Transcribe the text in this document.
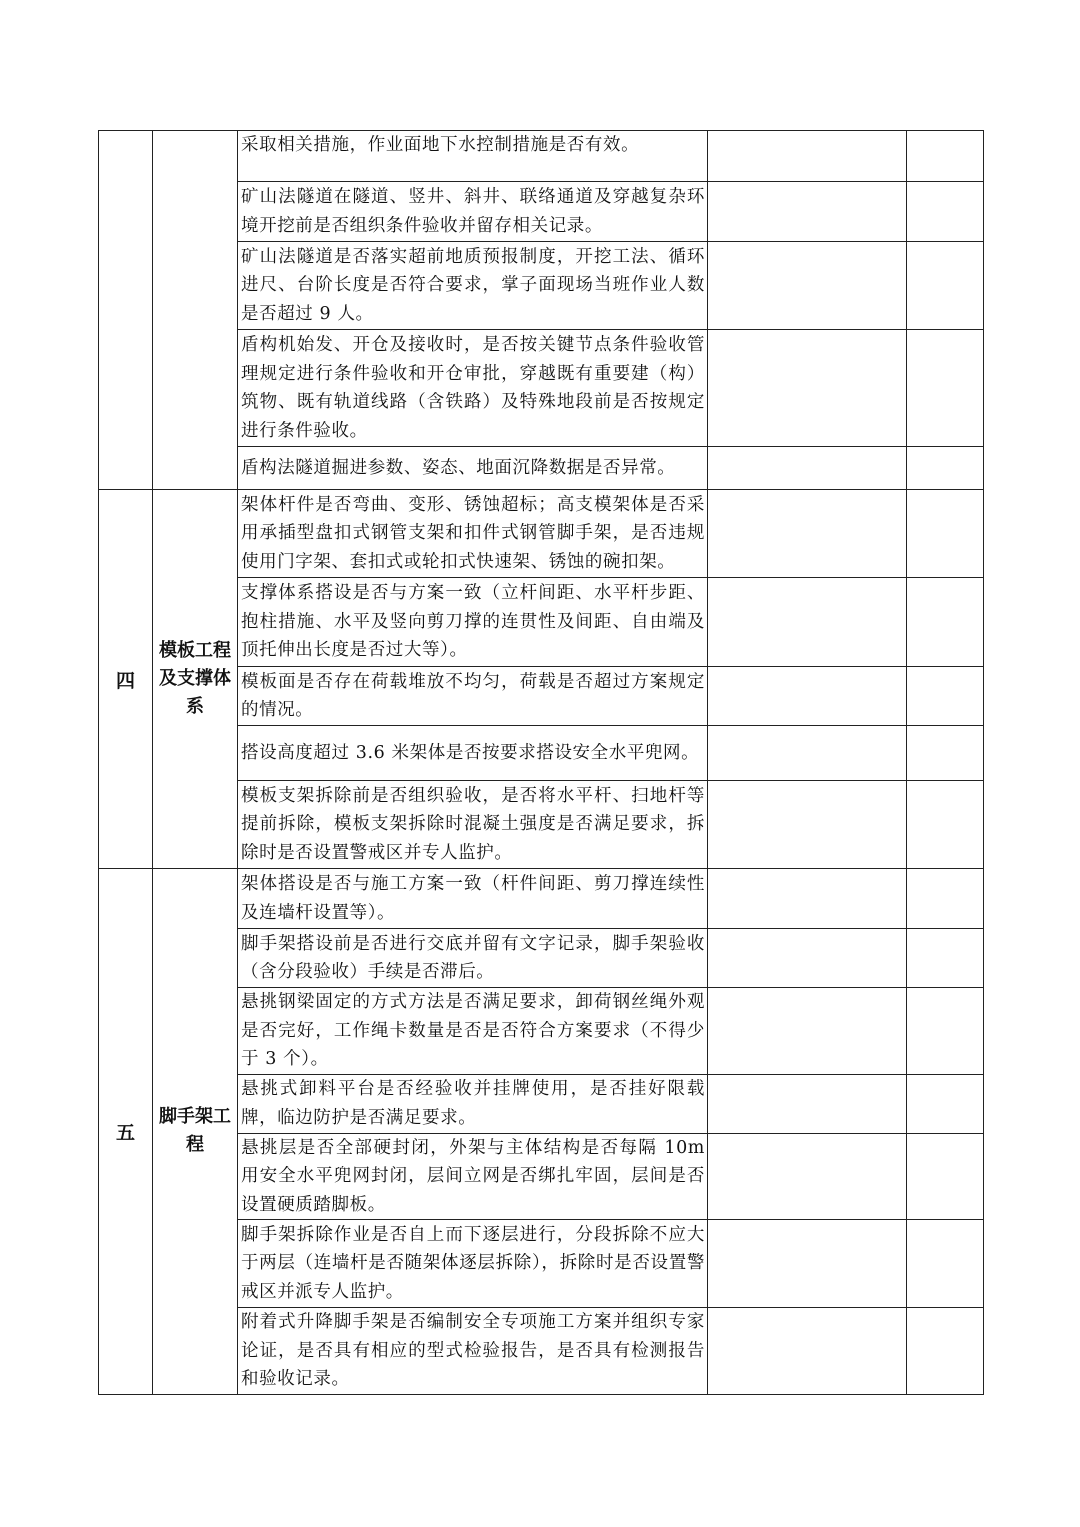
		采取相关措施，作业面地下水控制措施是否有效。		
		矿山法隧道在隧道、竖井、斜井、联络通道及穿越复杂环境开挖前是否组织条件验收并留存相关记录。		
		矿山法隧道是否落实超前地质预报制度，开挖工法、循环进尺、台阶长度是否符合要求，掌子面现场当班作业人数是否超过 9 人。		
		盾构机始发、开仓及接收时，是否按关键节点条件验收管理规定进行条件验收和开仓审批，穿越既有重要建（构）筑物、既有轨道线路（含铁路）及特殊地段前是否按规定进行条件验收。		
		盾构法隧道掘进参数、姿态、地面沉降数据是否异常。		
四	模板工程及支撑体系	架体杆件是否弯曲、变形、锈蚀超标；高支模架体是否采用承插型盘扣式钢管支架和扣件式钢管脚手架，是否违规使用门字架、套扣式或轮扣式快速架、锈蚀的碗扣架。		
		支撑体系搭设是否与方案一致（立杆间距、水平杆步距、抱柱措施、水平及竖向剪刀撑的连贯性及间距、自由端及顶托伸出长度是否过大等）。		
		模板面是否存在荷载堆放不均匀，荷载是否超过方案规定的情况。		
		搭设高度超过 3.6 米架体是否按要求搭设安全水平兜网。		
		模板支架拆除前是否组织验收，是否将水平杆、扫地杆等提前拆除，模板支架拆除时混凝土强度是否满足要求，拆除时是否设置警戒区并专人监护。		
五	脚手架工程	架体搭设是否与施工方案一致（杆件间距、剪刀撑连续性及连墙杆设置等）。		
		脚手架搭设前是否进行交底并留有文字记录，脚手架验收（含分段验收）手续是否滞后。		
		悬挑钢梁固定的方式方法是否满足要求，卸荷钢丝绳外观是否完好，工作绳卡数量是否是否符合方案要求（不得少于 3 个）。		
		悬挑式卸料平台是否经验收并挂牌使用，是否挂好限载牌，临边防护是否满足要求。		
		悬挑层是否全部硬封闭，外架与主体结构是否每隔 10m 用安全水平兜网封闭，层间立网是否绑扎牢固，层间是否设置硬质踏脚板。		
		脚手架拆除作业是否自上而下逐层进行，分段拆除不应大于两层（连墙杆是否随架体逐层拆除），拆除时是否设置警戒区并派专人监护。		
		附着式升降脚手架是否编制安全专项施工方案并组织专家论证，是否具有相应的型式检验报告，是否具有检测报告和验收记录。		
